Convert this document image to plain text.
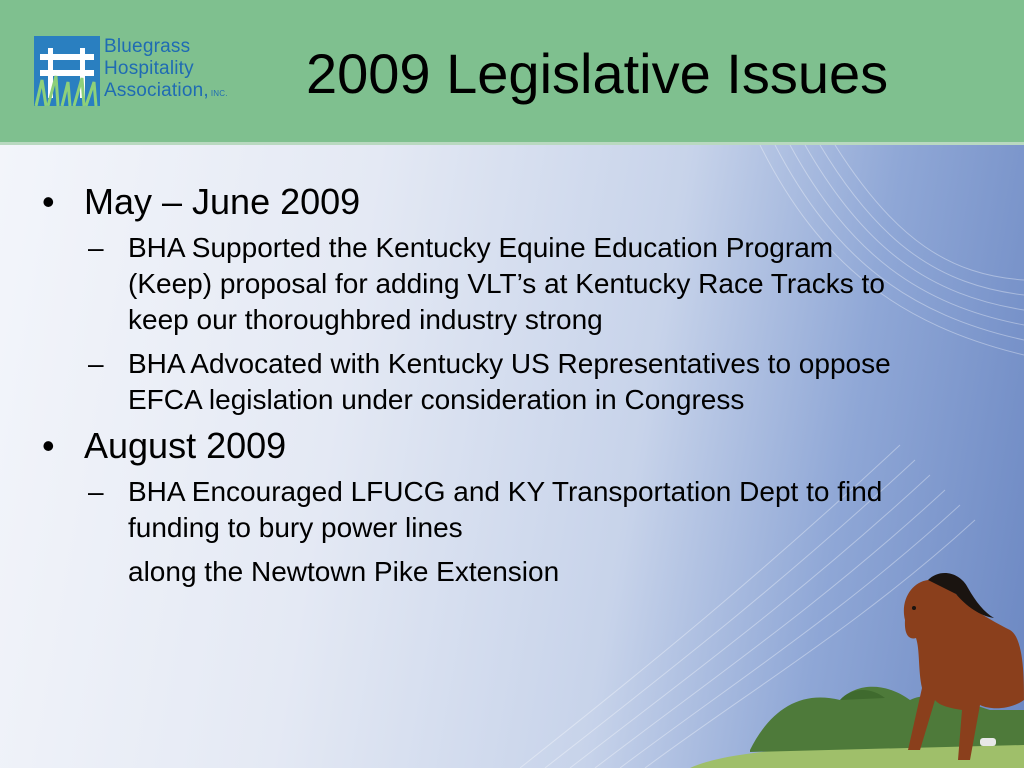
Bluegrass
Hospitality
Association, INC.	2009 Legislative Issues
• May – June 2009
– BHA Supported the Kentucky Equine Education Program (Keep) proposal for adding VLT’s at Kentucky Race Tracks to keep our thoroughbred industry strong
– BHA Advocated with Kentucky US Representatives to oppose EFCA legislation under consideration in Congress
• August 2009
– BHA Encouraged LFUCG and KY Transportation Dept to find funding to bury power lines
along the Newtown Pike Extension
